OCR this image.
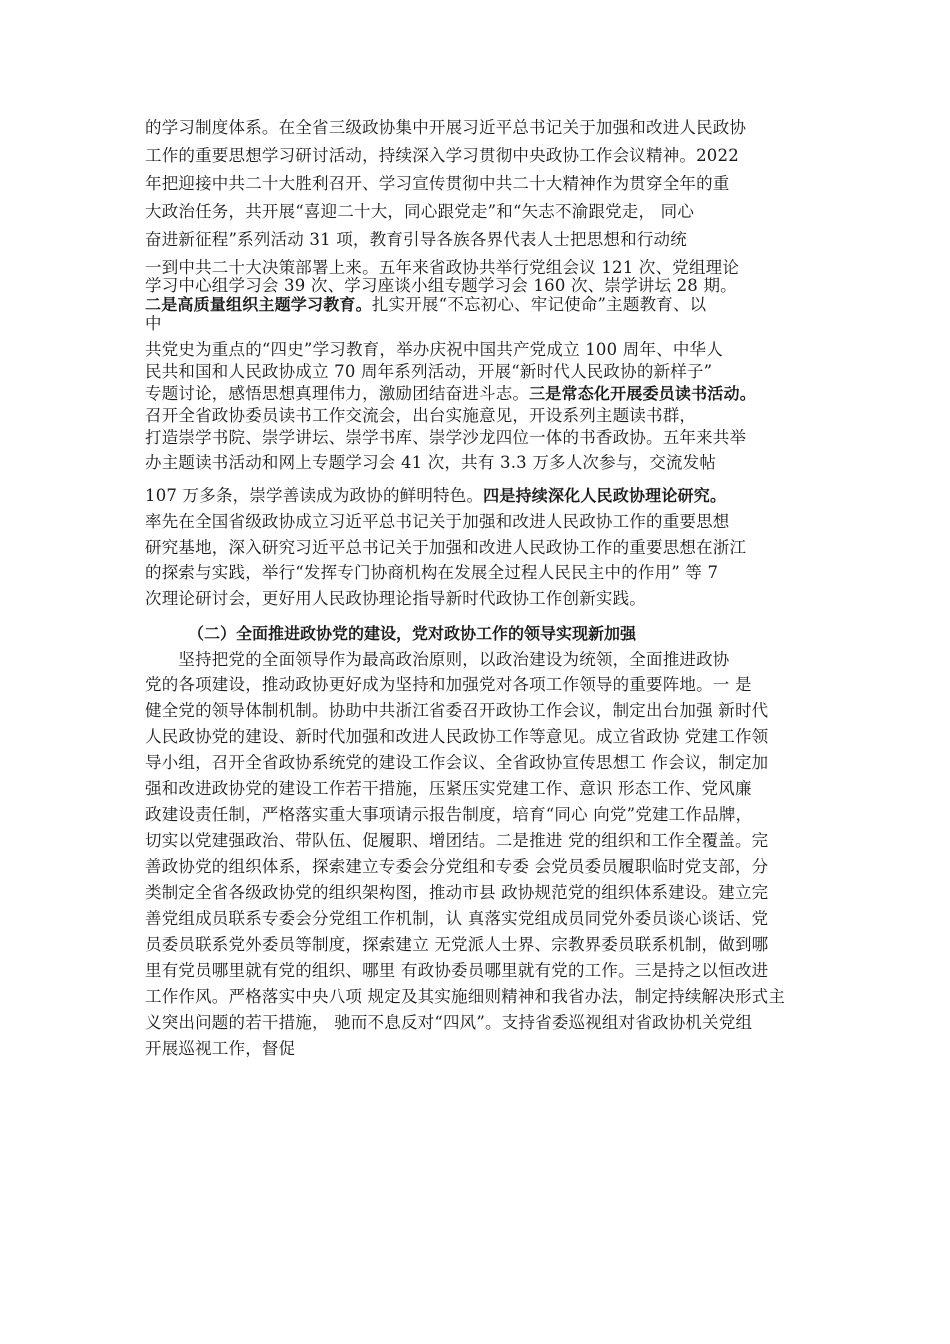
的学习制度体系。在全省三级政协集中开展习近平总书记关于加强和改进人民政协
工作的重要思想学习研讨活动，持续深入学习贯彻中央政协工作会议精神。2022
年把迎接中共二十大胜利召开、学习宣传贯彻中共二十大精神作为贯穿全年的重
大政治任务，共开展“喜迎二十大，同心跟党走”和“矢志不渝跟党走， 同心
奋进新征程”系列活动 31 项，教育引导各族各界代表人士把思想和行动统
一到中共二十大决策部署上来。五年来省政协共举行党组会议 121 次、党组理论
学习中心组学习会 39 次、学习座谈小组专题学习会 160 次、崇学讲坛 28 期。
二是高质量组织主题学习教育。扎实开展“不忘初心、牢记使命”主题教育、以
中
共党史为重点的“四史”学习教育，举办庆祝中国共产党成立 100 周年、中华人
民共和国和人民政协成立 70 周年系列活动，开展“新时代人民政协的新样子”
专题讨论，感悟思想真理伟力，激励团结奋进斗志。三是常态化开展委员读书活动。
召开全省政协委员读书工作交流会，出台实施意见，开设系列主题读书群，
打造崇学书院、崇学讲坛、崇学书库、崇学沙龙四位一体的书香政协。五年来共举
办主题读书活动和网上专题学习会 41 次，共有 3.3 万多人次参与，交流发帖
107 万多条，崇学善读成为政协的鲜明特色。四是持续深化人民政协理论研究。
率先在全国省级政协成立习近平总书记关于加强和改进人民政协工作的重要思想
研究基地，深入研究习近平总书记关于加强和改进人民政协工作的重要思想在浙江
的探索与实践，举行“发挥专门协商机构在发展全过程人民民主中的作用” 等 7
次理论研讨会，更好用人民政协理论指导新时代政协工作创新实践。
（二）全面推进政协党的建设，党对政协工作的领导实现新加强
　　坚持把党的全面领导作为最高政治原则，以政治建设为统领，全面推进政协
党的各项建设，推动政协更好成为坚持和加强党对各项工作领导的重要阵地。一 是
健全党的领导体制机制。协助中共浙江省委召开政协工作会议，制定出台加强 新时代
人民政协党的建设、新时代加强和改进人民政协工作等意见。成立省政协 党建工作领
导小组，召开全省政协系统党的建设工作会议、全省政协宣传思想工 作会议，制定加
强和改进政协党的建设工作若干措施，压紧压实党建工作、意识 形态工作、党风廉
政建设责任制，严格落实重大事项请示报告制度，培育“同心 向党”党建工作品牌，
切实以党建强政治、带队伍、促履职、增团结。二是推进 党的组织和工作全覆盖。完
善政协党的组织体系，探索建立专委会分党组和专委 会党员委员履职临时党支部，分
类制定全省各级政协党的组织架构图，推动市县 政协规范党的组织体系建设。建立完
善党组成员联系专委会分党组工作机制，认 真落实党组成员同党外委员谈心谈话、党
员委员联系党外委员等制度，探索建立 无党派人士界、宗教界委员联系机制，做到哪
里有党员哪里就有党的组织、哪里 有政协委员哪里就有党的工作。三是持之以恒改进
工作作风。严格落实中央八项 规定及其实施细则精神和我省办法，制定持续解决形式主
义突出问题的若干措施， 驰而不息反对“四风”。支持省委巡视组对省政协机关党组
开展巡视工作，督促
